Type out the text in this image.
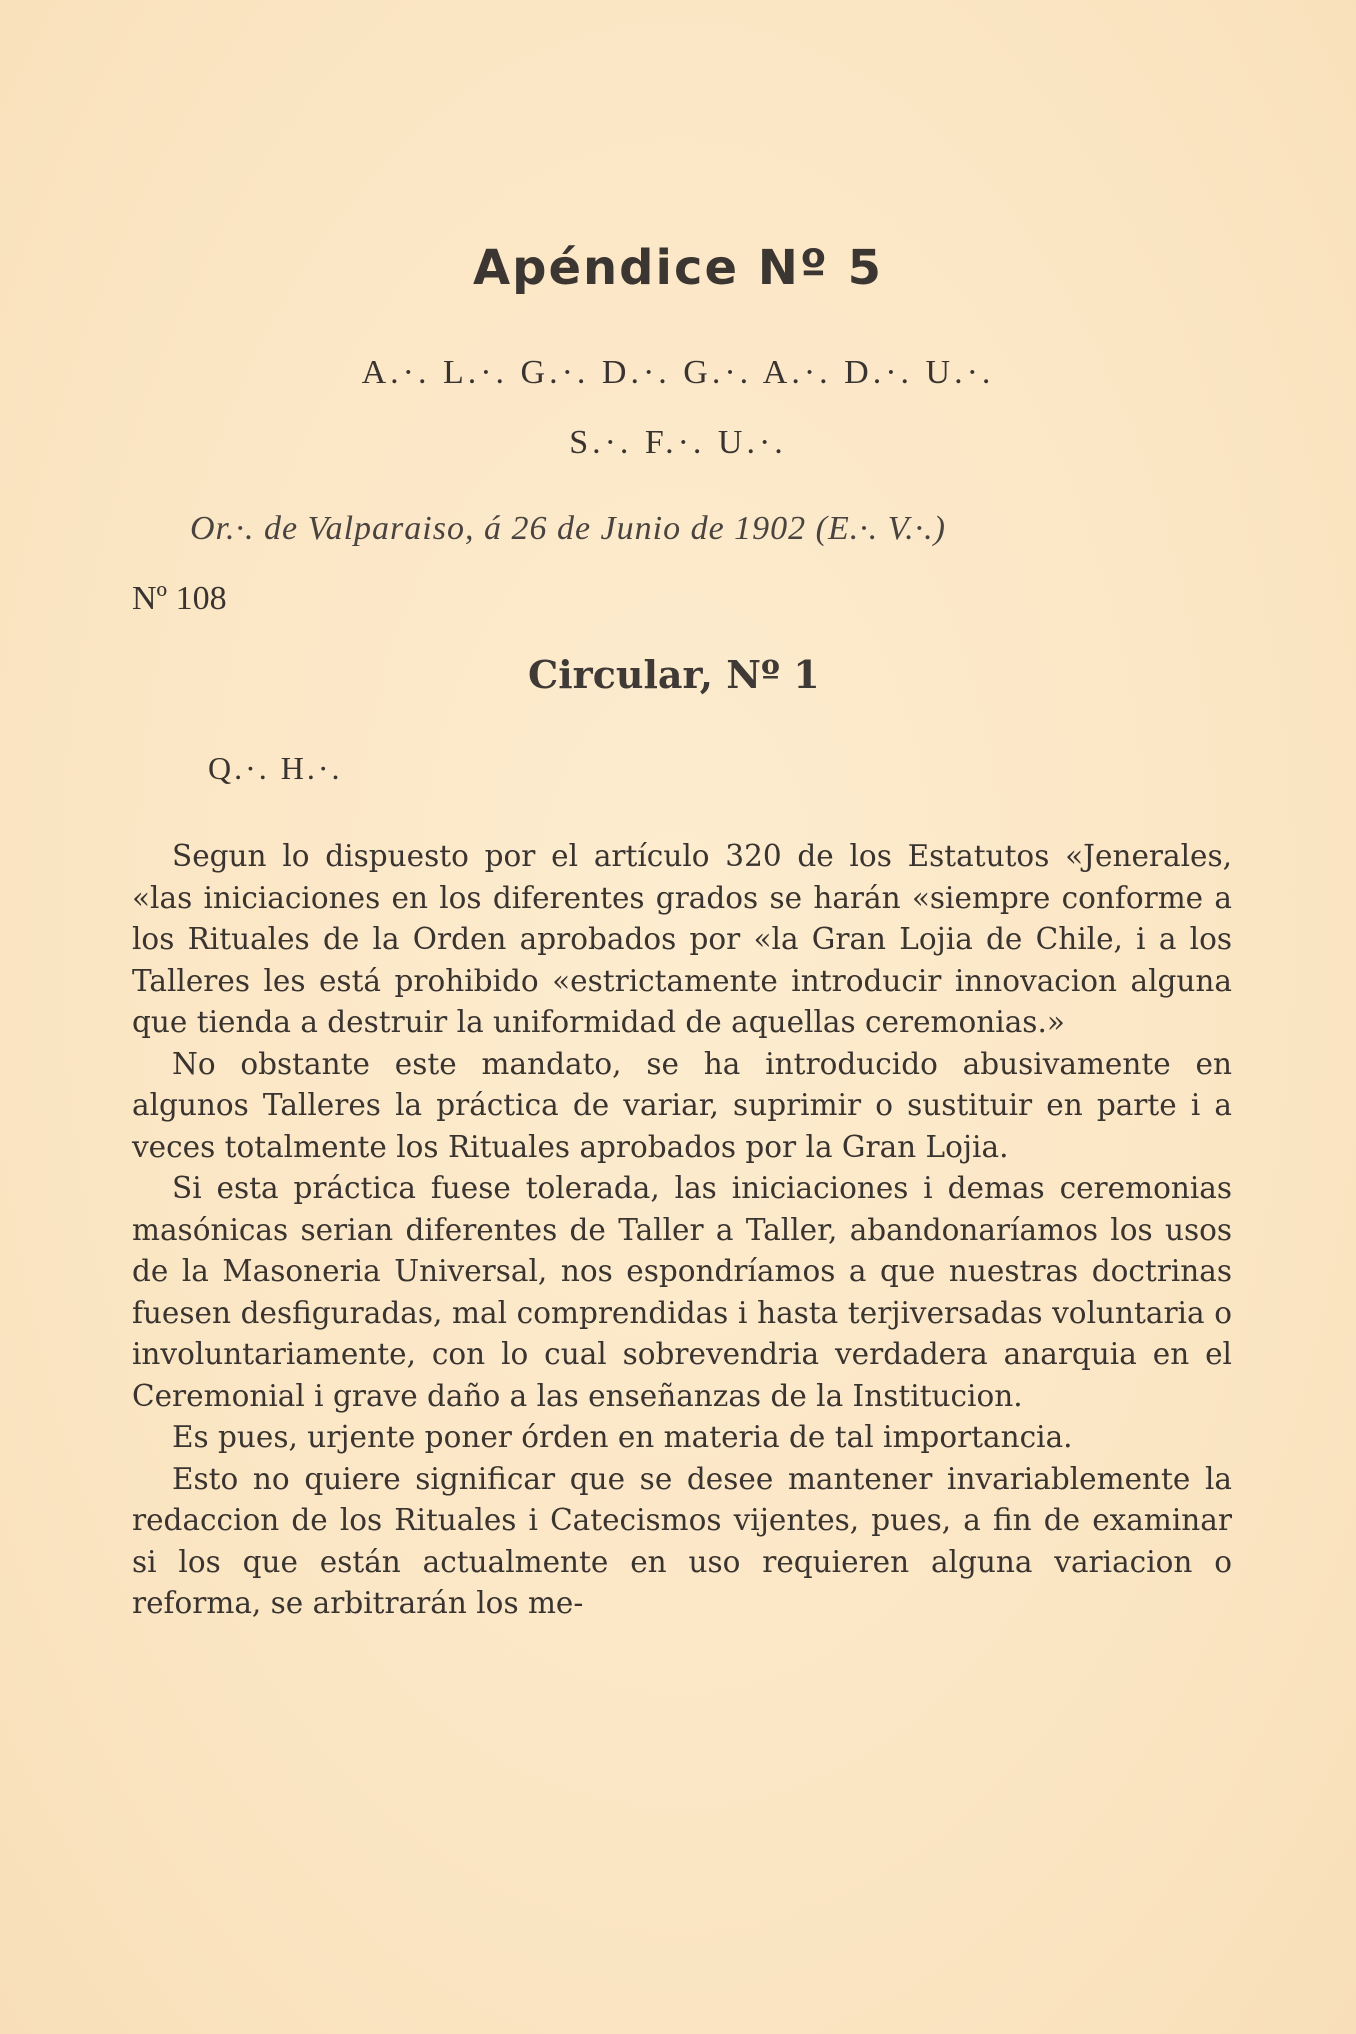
Apéndice Nº 5
A.·. L.·. G.·. D.·. G.·. A.·. D.·. U.·.
S.·. F.·. U.·.
Or.·. de Valparaiso, á 26 de Junio de 1902 (E.·. V.·.)
Nº 108
Circular, Nº 1
Q.·. H.·.

Segun lo dispuesto por el artículo 320 de los Estatutos «Jenerales, «las iniciaciones en los diferentes grados se harán «siempre conforme a los Rituales de la Orden aprobados por «la Gran Lojia de Chile, i a los Talleres les está prohibido «estrictamente introducir innovacion alguna que tienda a destruir la uniformidad de aquellas ceremonias.»

No obstante este mandato, se ha introducido abusivamente en algunos Talleres la práctica de variar, suprimir o sustituir en parte i a veces totalmente los Rituales aprobados por la Gran Lojia.

Si esta práctica fuese tolerada, las iniciaciones i demas ceremonias masónicas serian diferentes de Taller a Taller, abandonaríamos los usos de la Masoneria Universal, nos espondríamos a que nuestras doctrinas fuesen desfiguradas, mal comprendidas i hasta terjiversadas voluntaria o involuntariamente, con lo cual sobrevendria verdadera anarquia en el Ceremonial i grave daño a las enseñanzas de la Institucion.

Es pues, urjente poner órden en materia de tal importancia.

Esto no quiere significar que se desee mantener invariablemente la redaccion de los Rituales i Catecismos vijentes, pues, a fin de examinar si los que están actualmente en uso requieren alguna variacion o reforma, se arbitrarán los me-
